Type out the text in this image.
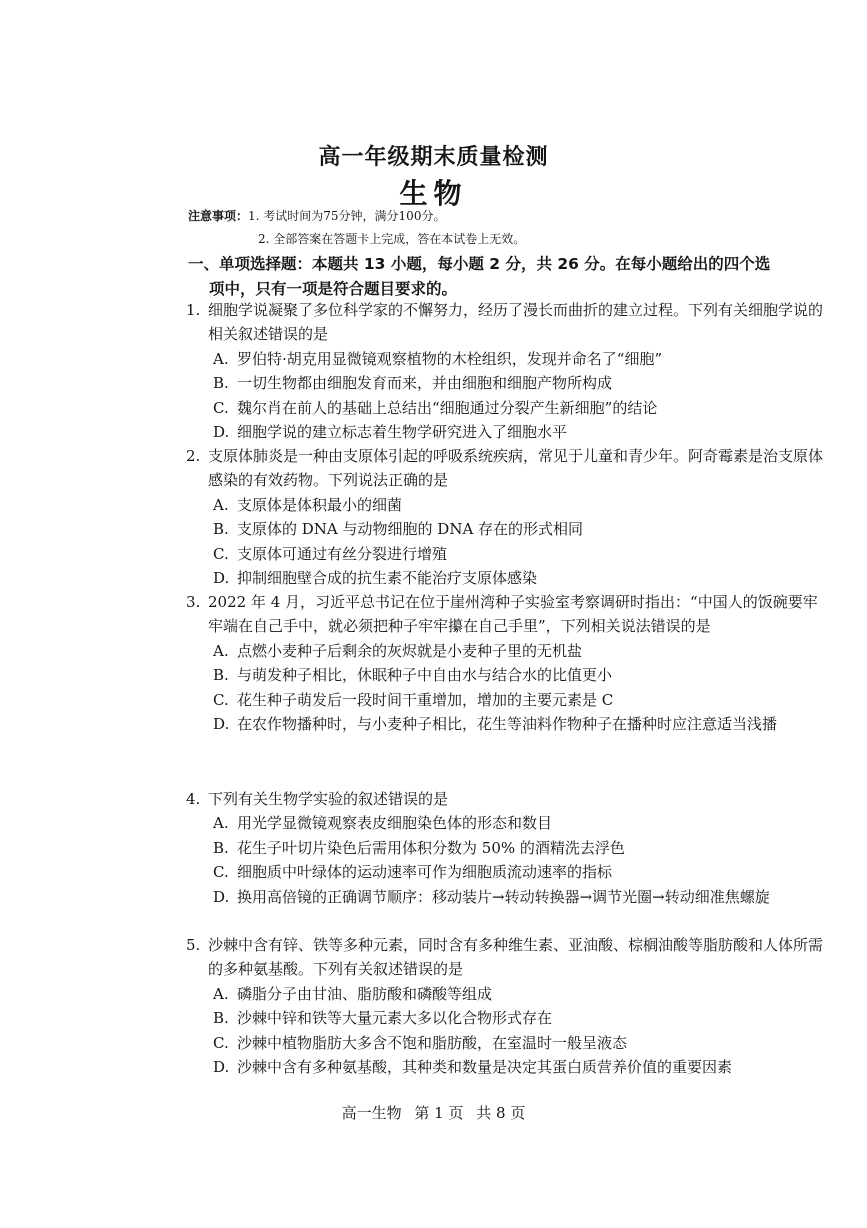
高一年级期末质量检测
生物
注意事项：1. 考试时间为75分钟，满分100分。
2. 全部答案在答题卡上完成，答在本试卷上无效。
一、单项选择题：本题共 13 小题，每小题 2 分，共 26 分。在每小题给出的四个选
项中，只有一项是符合题目要求的。
1. 细胞学说凝聚了多位科学家的不懈努力，经历了漫长而曲折的建立过程。下列有关细胞学说的相关叙述错误的是
A. 罗伯特·胡克用显微镜观察植物的木栓组织，发现并命名了“细胞”
B. 一切生物都由细胞发育而来，并由细胞和细胞产物所构成
C. 魏尔肖在前人的基础上总结出“细胞通过分裂产生新细胞”的结论
D. 细胞学说的建立标志着生物学研究进入了细胞水平
2. 支原体肺炎是一种由支原体引起的呼吸系统疾病，常见于儿童和青少年。阿奇霉素是治支原体感染的有效药物。下列说法正确的是
A. 支原体是体积最小的细菌
B. 支原体的 DNA 与动物细胞的 DNA 存在的形式相同
C. 支原体可通过有丝分裂进行增殖
D. 抑制细胞壁合成的抗生素不能治疗支原体感染
3. 2022 年 4 月，习近平总书记在位于崖州湾种子实验室考察调研时指出：“中国人的饭碗要牢牢端在自己手中，就必须把种子牢牢攥在自己手里”，下列相关说法错误的是
A. 点燃小麦种子后剩余的灰烬就是小麦种子里的无机盐
B. 与萌发种子相比，休眠种子中自由水与结合水的比值更小
C. 花生种子萌发后一段时间干重增加，增加的主要元素是 C
D. 在农作物播种时，与小麦种子相比，花生等油料作物种子在播种时应注意适当浅播
4. 下列有关生物学实验的叙述错误的是
A. 用光学显微镜观察表皮细胞染色体的形态和数目
B. 花生子叶切片染色后需用体积分数为 50% 的酒精洗去浮色
C. 细胞质中叶绿体的运动速率可作为细胞质流动速率的指标
D. 换用高倍镜的正确调节顺序：移动装片→转动转换器→调节光圈→转动细准焦螺旋
5. 沙棘中含有锌、铁等多种元素，同时含有多种维生素、亚油酸、棕榈油酸等脂肪酸和人体所需的多种氨基酸。下列有关叙述错误的是
A. 磷脂分子由甘油、脂肪酸和磷酸等组成
B. 沙棘中锌和铁等大量元素大多以化合物形式存在
C. 沙棘中植物脂肪大多含不饱和脂肪酸，在室温时一般呈液态
D. 沙棘中含有多种氨基酸，其种类和数量是决定其蛋白质营养价值的重要因素
高一生物 第 1 页 共 8 页
